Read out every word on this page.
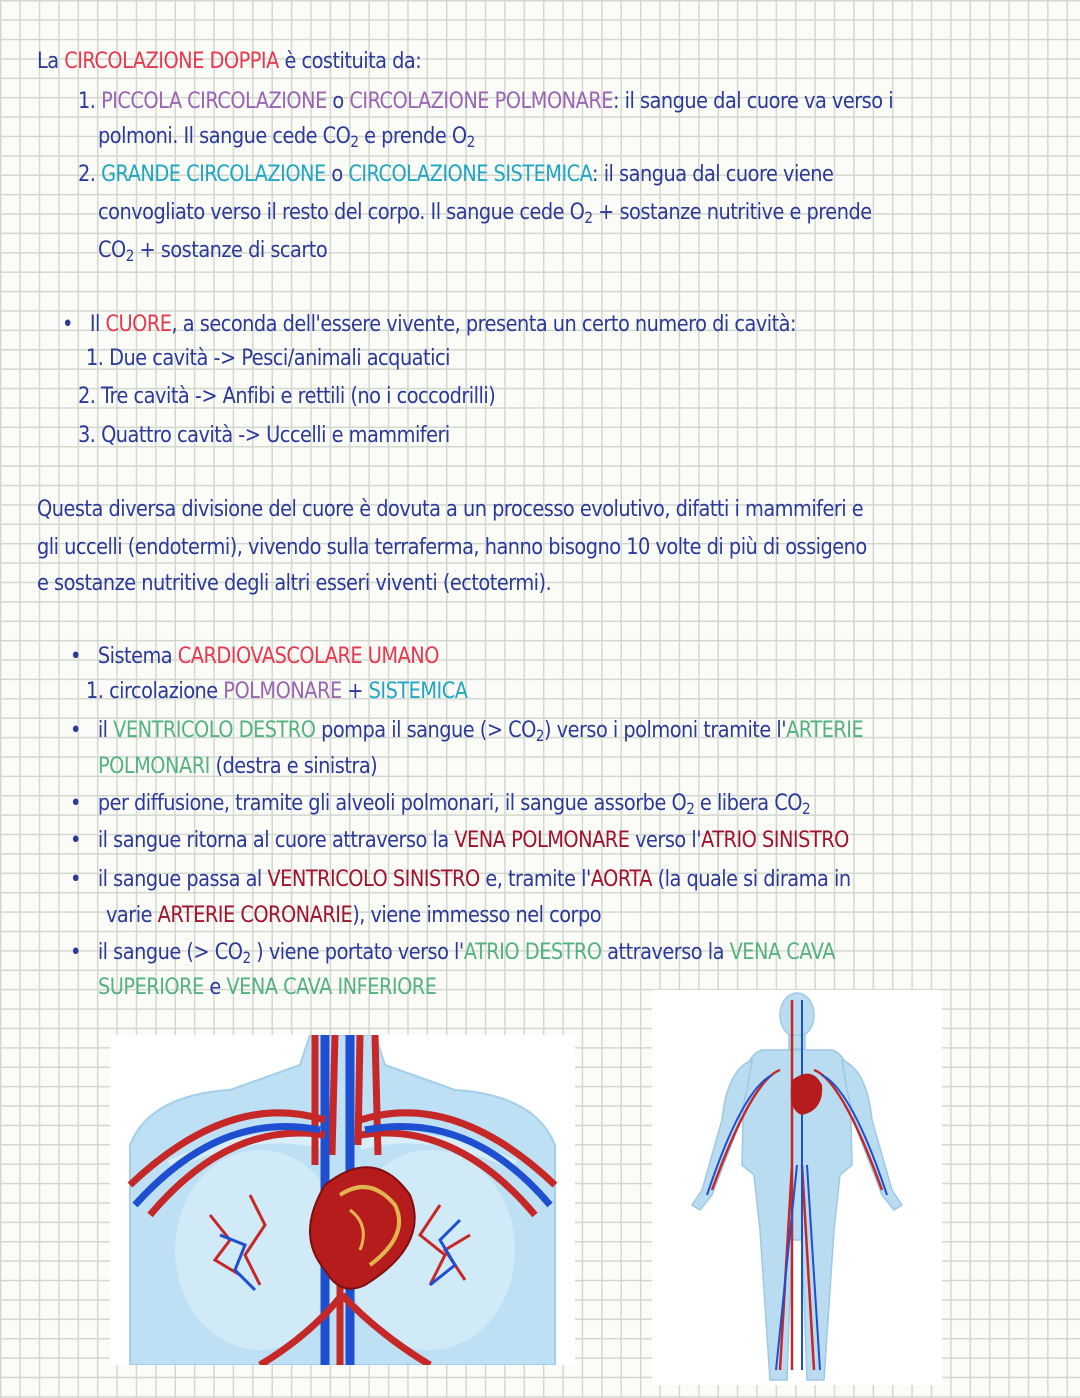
La CIRCOLAZIONE DOPPIA è costituita da:
1. PICCOLA CIRCOLAZIONE o CIRCOLAZIONE POLMONARE: il sangue dal cuore va verso i
polmoni. Il sangue cede $CO_2$ e prende $O_2$
2. GRANDE CIRCOLAZIONE o CIRCOLAZIONE SISTEMICA: il sangua dal cuore viene
convogliato verso il resto del corpo. Il sangue cede $O_2$ + sostanze nutritive e prende
$CO_2$ + sostanze di scarto
• Il CUORE, a seconda dell'essere vivente, presenta un certo numero di cavità:
1. Due cavità -> Pesci/animali acquatici
2. Tre cavità -> Anfibi e rettili (no i coccodrilli)
3. Quattro cavità -> Uccelli e mammiferi
Questa diversa divisione del cuore è dovuta a un processo evolutivo, difatti i mammiferi e
gli uccelli (endotermi), vivendo sulla terraferma, hanno bisogno 10 volte di più di ossigeno
e sostanze nutritive degli altri esseri viventi (ectotermi).
• Sistema CARDIOVASCOLARE UMANO
1. circolazione POLMONARE + SISTEMICA
• il VENTRICOLO DESTRO pompa il sangue (> $CO_2$) verso i polmoni tramite l'ARTERIE
POLMONARI (destra e sinistra)
• per diffusione, tramite gli alveoli polmonari, il sangue assorbe $O_2$ e libera $CO_2$
• il sangue ritorna al cuore attraverso la VENA POLMONARE verso l'ATRIO SINISTRO
• il sangue passa al VENTRICOLO SINISTRO e, tramite l'AORTA (la quale si dirama in
varie ARTERIE CORONARIE), viene immesso nel corpo
• il sangue (> $CO_2$ ) viene portato verso l'ATRIO DESTRO attraverso la VENA CAVA
SUPERIORE e VENA CAVA INFERIORE
